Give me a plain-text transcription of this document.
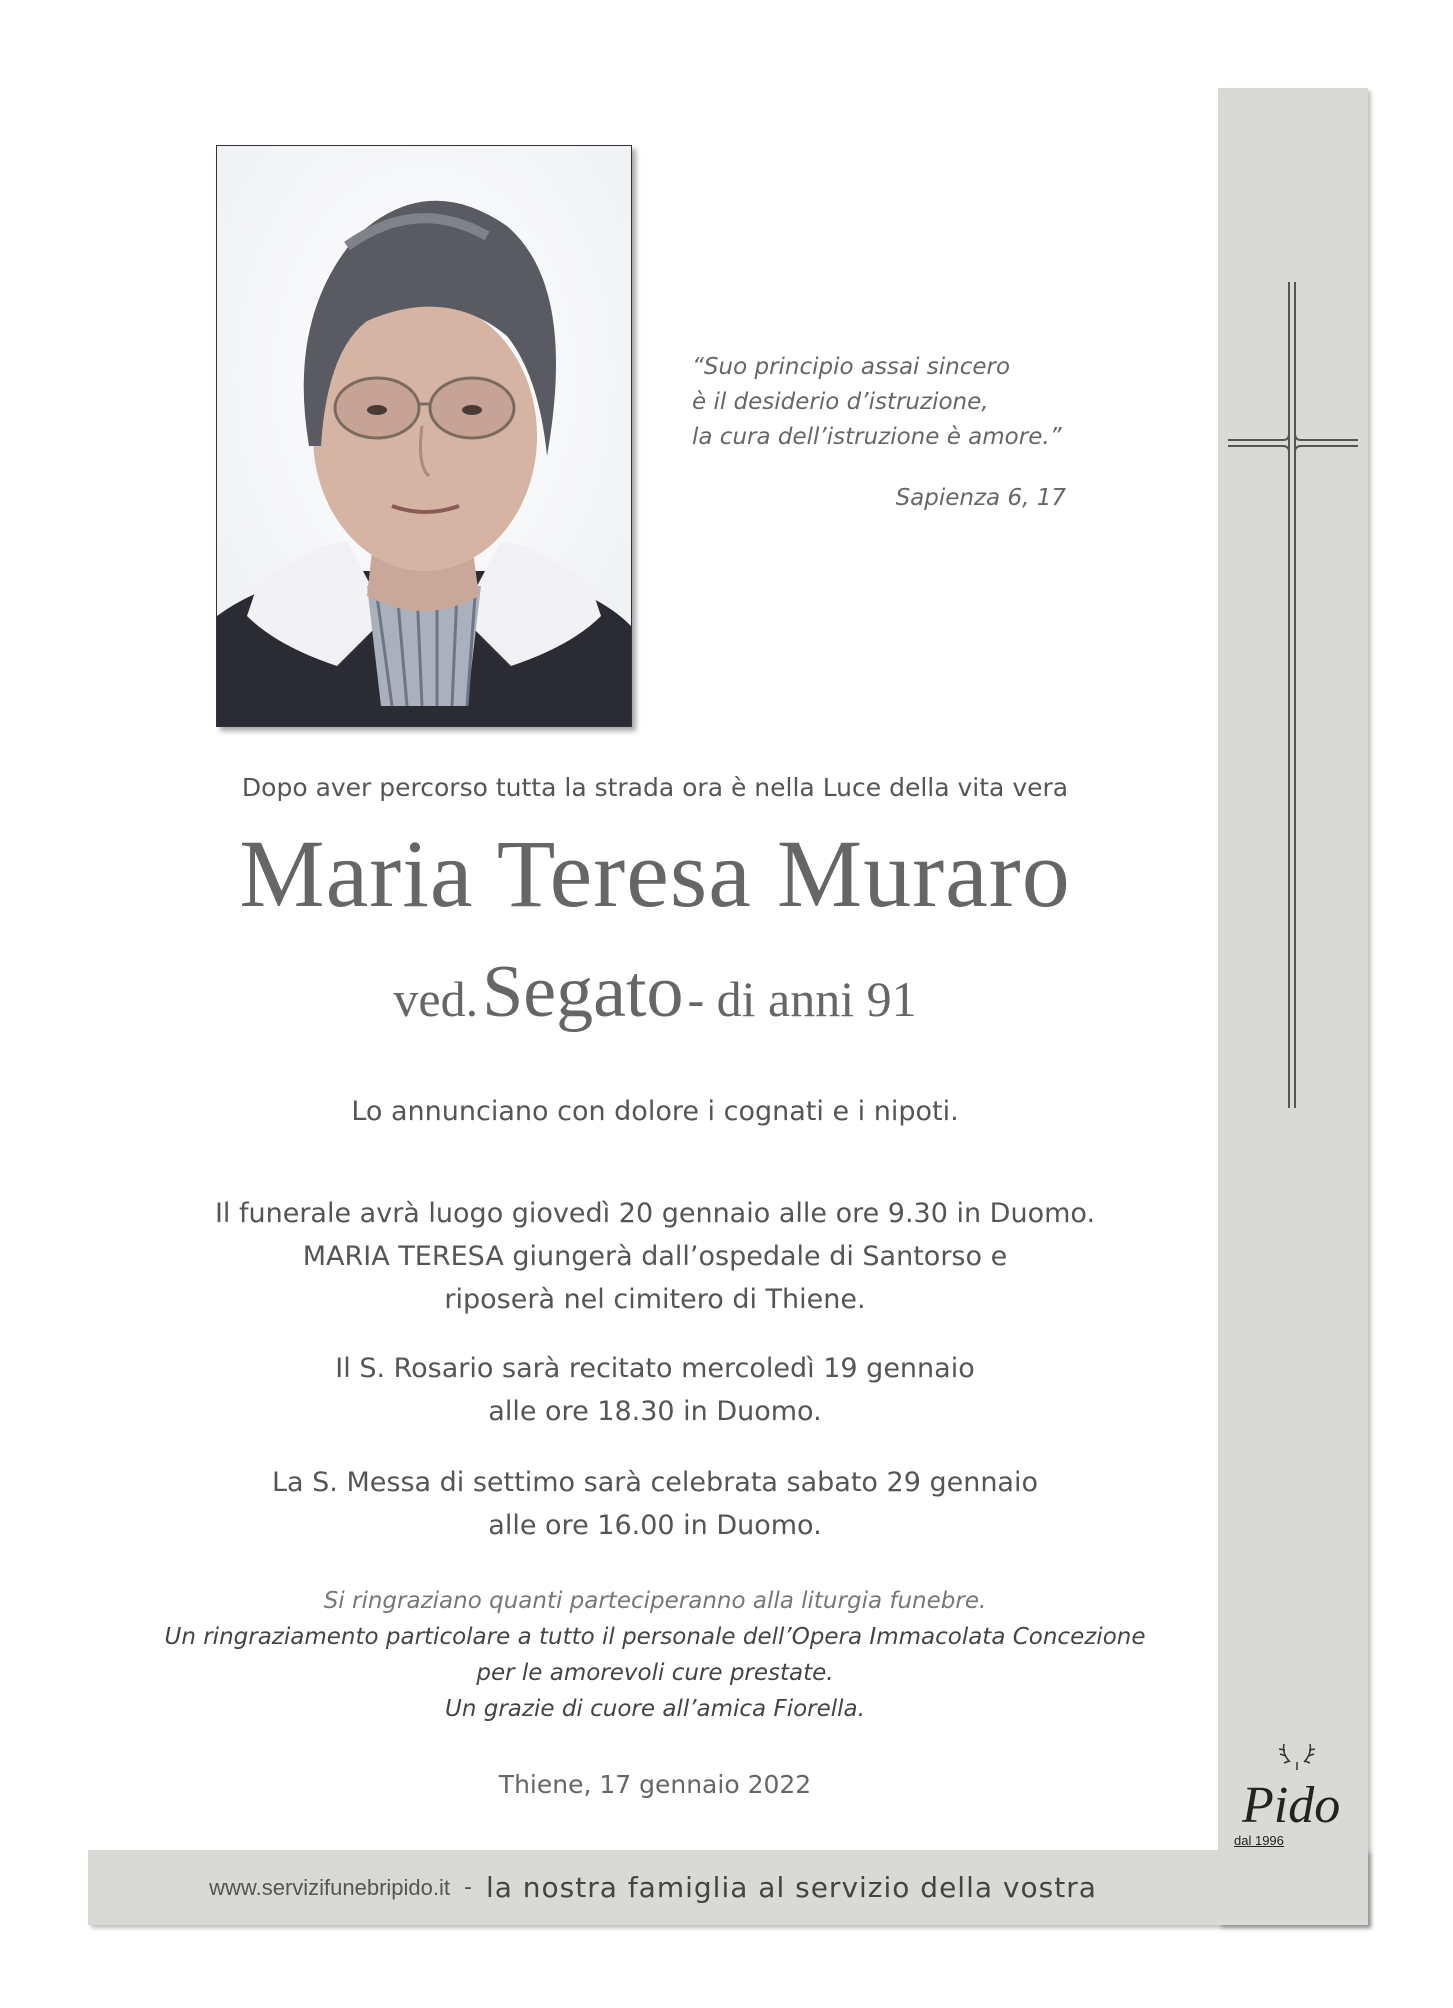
Pido
dal 1996
www.servizifunebripido.it - la nostra famiglia al servizio della vostra
“Suo principio assai sincero
è il desiderio d’istruzione,
la cura dell’istruzione è amore.”
Sapienza 6, 17
Dopo aver percorso tutta la strada ora è nella Luce della vita vera
Maria Teresa Muraro
ved. Segato - di anni 91
Lo annunciano con dolore i cognati e i nipoti.
Il funerale avrà luogo giovedì 20 gennaio alle ore 9.30 in Duomo.
MARIA TERESA giungerà dall’ospedale di Santorso e
riposerà nel cimitero di Thiene.
Il S. Rosario sarà recitato mercoledì 19 gennaio
alle ore 18.30 in Duomo.
La S. Messa di settimo sarà celebrata sabato 29 gennaio
alle ore 16.00 in Duomo.
Si ringraziano quanti parteciperanno alla liturgia funebre.
Un ringraziamento particolare a tutto il personale dell’Opera Immacolata Concezione
per le amorevoli cure prestate.
Un grazie di cuore all’amica Fiorella.
Thiene, 17 gennaio 2022
